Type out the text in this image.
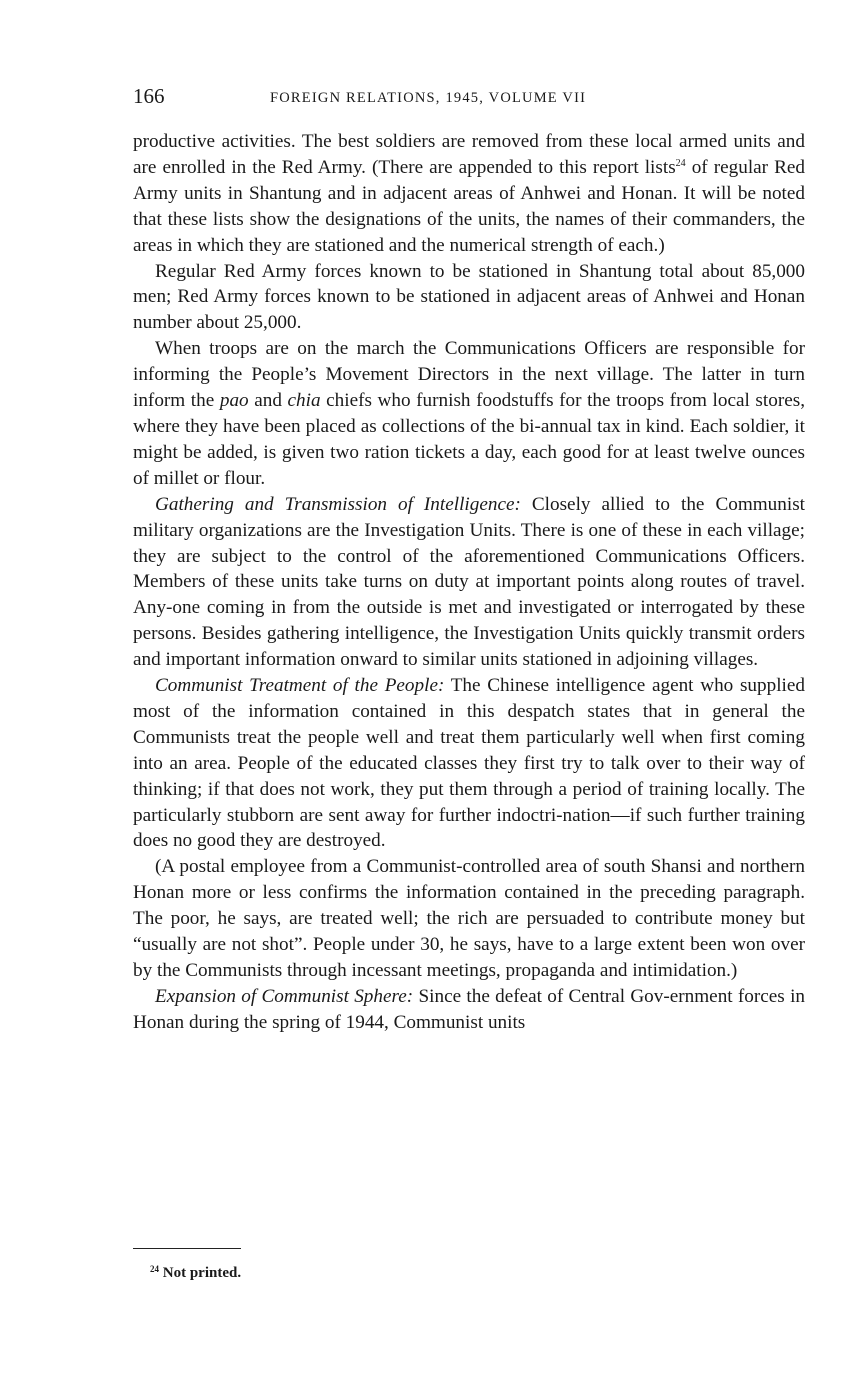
166	FOREIGN RELATIONS, 1945, VOLUME VII

productive activities. The best soldiers are removed from these local armed units and are enrolled in the Red Army. (There are appended to this report lists$^{24}$ of regular Red Army units in Shantung and in adjacent areas of Anhwei and Honan. It will be noted that these lists show the designations of the units, the names of their commanders, the areas in which they are stationed and the numerical strength of each.)

Regular Red Army forces known to be stationed in Shantung total about 85,000 men; Red Army forces known to be stationed in adjacent areas of Anhwei and Honan number about 25,000.

When troops are on the march the Communications Officers are responsible for informing the People’s Movement Directors in the next village. The latter in turn inform the pao and chia chiefs who furnish foodstuffs for the troops from local stores, where they have been placed as collections of the bi-annual tax in kind. Each soldier, it might be added, is given two ration tickets a day, each good for at least twelve ounces of millet or flour.

Gathering and Transmission of Intelligence: Closely allied to the Communist military organizations are the Investigation Units. There is one of these in each village; they are subject to the control of the aforementioned Communications Officers. Members of these units take turns on duty at important points along routes of travel. Any-one coming in from the outside is met and investigated or interrogated by these persons. Besides gathering intelligence, the Investigation Units quickly transmit orders and important information onward to similar units stationed in adjoining villages.

Communist Treatment of the People: The Chinese intelligence agent who supplied most of the information contained in this despatch states that in general the Communists treat the people well and treat them particularly well when first coming into an area. People of the educated classes they first try to talk over to their way of thinking; if that does not work, they put them through a period of training locally. The particularly stubborn are sent away for further indoctri-nation—if such further training does no good they are destroyed.

(A postal employee from a Communist-controlled area of south Shansi and northern Honan more or less confirms the information contained in the preceding paragraph. The poor, he says, are treated well; the rich are persuaded to contribute money but “usually are not shot”. People under 30, he says, have to a large extent been won over by the Communists through incessant meetings, propaganda and intimidation.)

Expansion of Communist Sphere: Since the defeat of Central Gov-ernment forces in Honan during the spring of 1944, Communist units

$^{24}$ Not printed.
